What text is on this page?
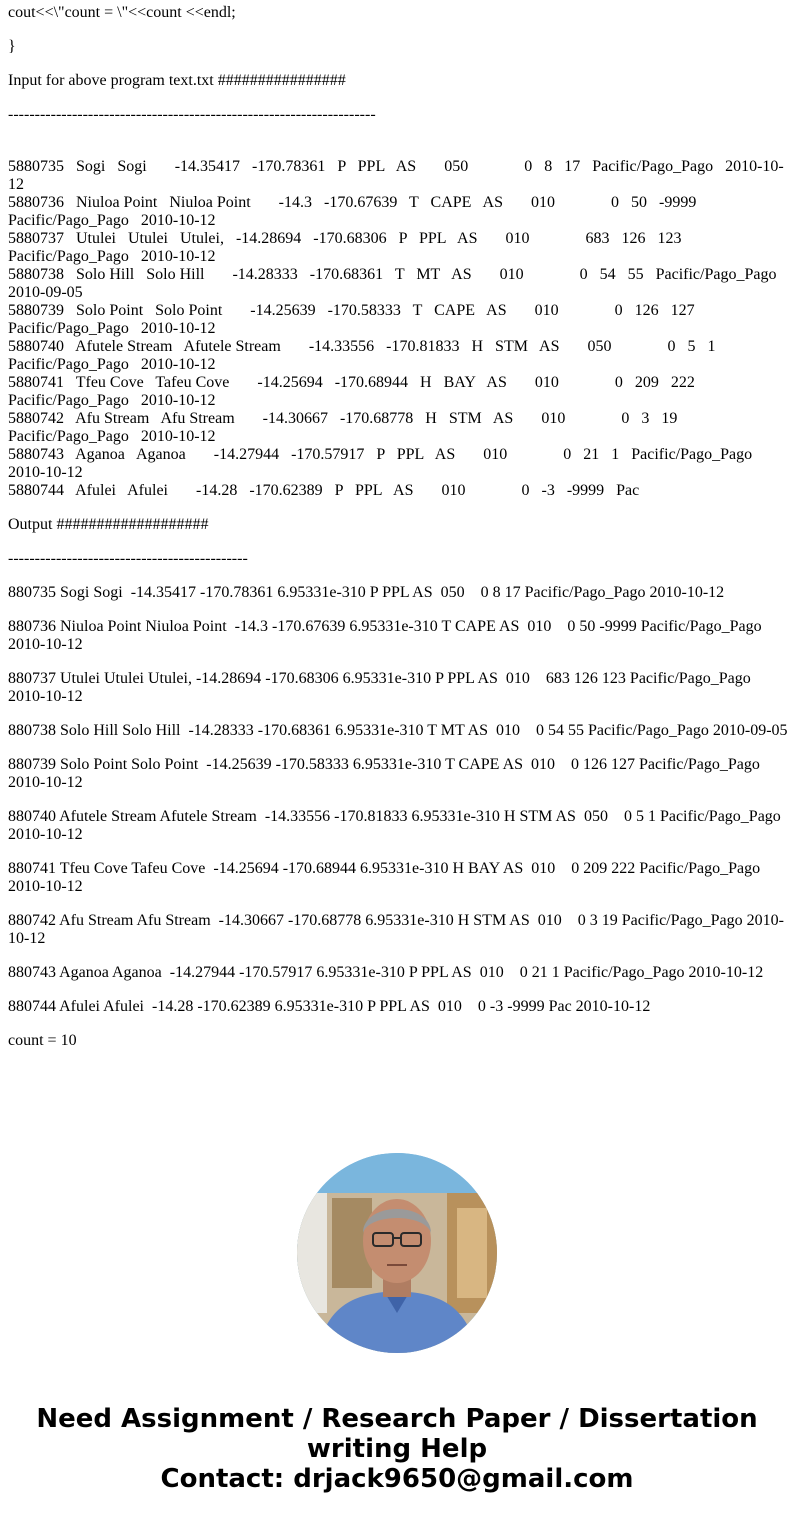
cout<<\"count = \"<<count <<endl;

}

Input for above program text.txt ################

---------------------------------------------------------------------

5880735   Sogi   Sogi       -14.35417   -170.78361   P   PPL   AS       050              0   8   17   Pacific/Pago_Pago   2010-10-12
5880736   Niuloa Point   Niuloa Point       -14.3   -170.67639   T   CAPE   AS       010              0   50   -9999   Pacific/Pago_Pago   2010-10-12
5880737   Utulei   Utulei   Utulei,   -14.28694   -170.68306   P   PPL   AS       010              683   126   123   Pacific/Pago_Pago   2010-10-12
5880738   Solo Hill   Solo Hill       -14.28333   -170.68361   T   MT   AS       010              0   54   55   Pacific/Pago_Pago   2010-09-05
5880739   Solo Point   Solo Point       -14.25639   -170.58333   T   CAPE   AS       010              0   126   127   Pacific/Pago_Pago   2010-10-12
5880740   Afutele Stream   Afutele Stream       -14.33556   -170.81833   H   STM   AS       050              0   5   1   Pacific/Pago_Pago   2010-10-12
5880741   Tfeu Cove   Tafeu Cove       -14.25694   -170.68944   H   BAY   AS       010              0   209   222   Pacific/Pago_Pago   2010-10-12
5880742   Afu Stream   Afu Stream       -14.30667   -170.68778   H   STM   AS       010              0   3   19   Pacific/Pago_Pago   2010-10-12
5880743   Aganoa   Aganoa       -14.27944   -170.57917   P   PPL   AS       010              0   21   1   Pacific/Pago_Pago   2010-10-12
5880744   Afulei   Afulei       -14.28   -170.62389   P   PPL   AS       010              0   -3   -9999   Pac

Output ###################

---------------------------------------------

880735 Sogi Sogi  -14.35417 -170.78361 6.95331e-310 P PPL AS  050    0 8 17 Pacific/Pago_Pago 2010-10-12

880736 Niuloa Point Niuloa Point  -14.3 -170.67639 6.95331e-310 T CAPE AS  010    0 50 -9999 Pacific/Pago_Pago 2010-10-12

880737 Utulei Utulei Utulei, -14.28694 -170.68306 6.95331e-310 P PPL AS  010    683 126 123 Pacific/Pago_Pago 2010-10-12

880738 Solo Hill Solo Hill  -14.28333 -170.68361 6.95331e-310 T MT AS  010    0 54 55 Pacific/Pago_Pago 2010-09-05

880739 Solo Point Solo Point  -14.25639 -170.58333 6.95331e-310 T CAPE AS  010    0 126 127 Pacific/Pago_Pago 2010-10-12

880740 Afutele Stream Afutele Stream  -14.33556 -170.81833 6.95331e-310 H STM AS  050    0 5 1 Pacific/Pago_Pago 2010-10-12

880741 Tfeu Cove Tafeu Cove  -14.25694 -170.68944 6.95331e-310 H BAY AS  010    0 209 222 Pacific/Pago_Pago 2010-10-12

880742 Afu Stream Afu Stream  -14.30667 -170.68778 6.95331e-310 H STM AS  010    0 3 19 Pacific/Pago_Pago 2010-10-12

880743 Aganoa Aganoa  -14.27944 -170.57917 6.95331e-310 P PPL AS  010    0 21 1 Pacific/Pago_Pago 2010-10-12

880744 Afulei Afulei  -14.28 -170.62389 6.95331e-310 P PPL AS  010    0 -3 -9999 Pac 2010-10-12

count = 10

Need Assignment / Research Paper / Dissertation
writing Help
Contact: drjack9650@gmail.com
